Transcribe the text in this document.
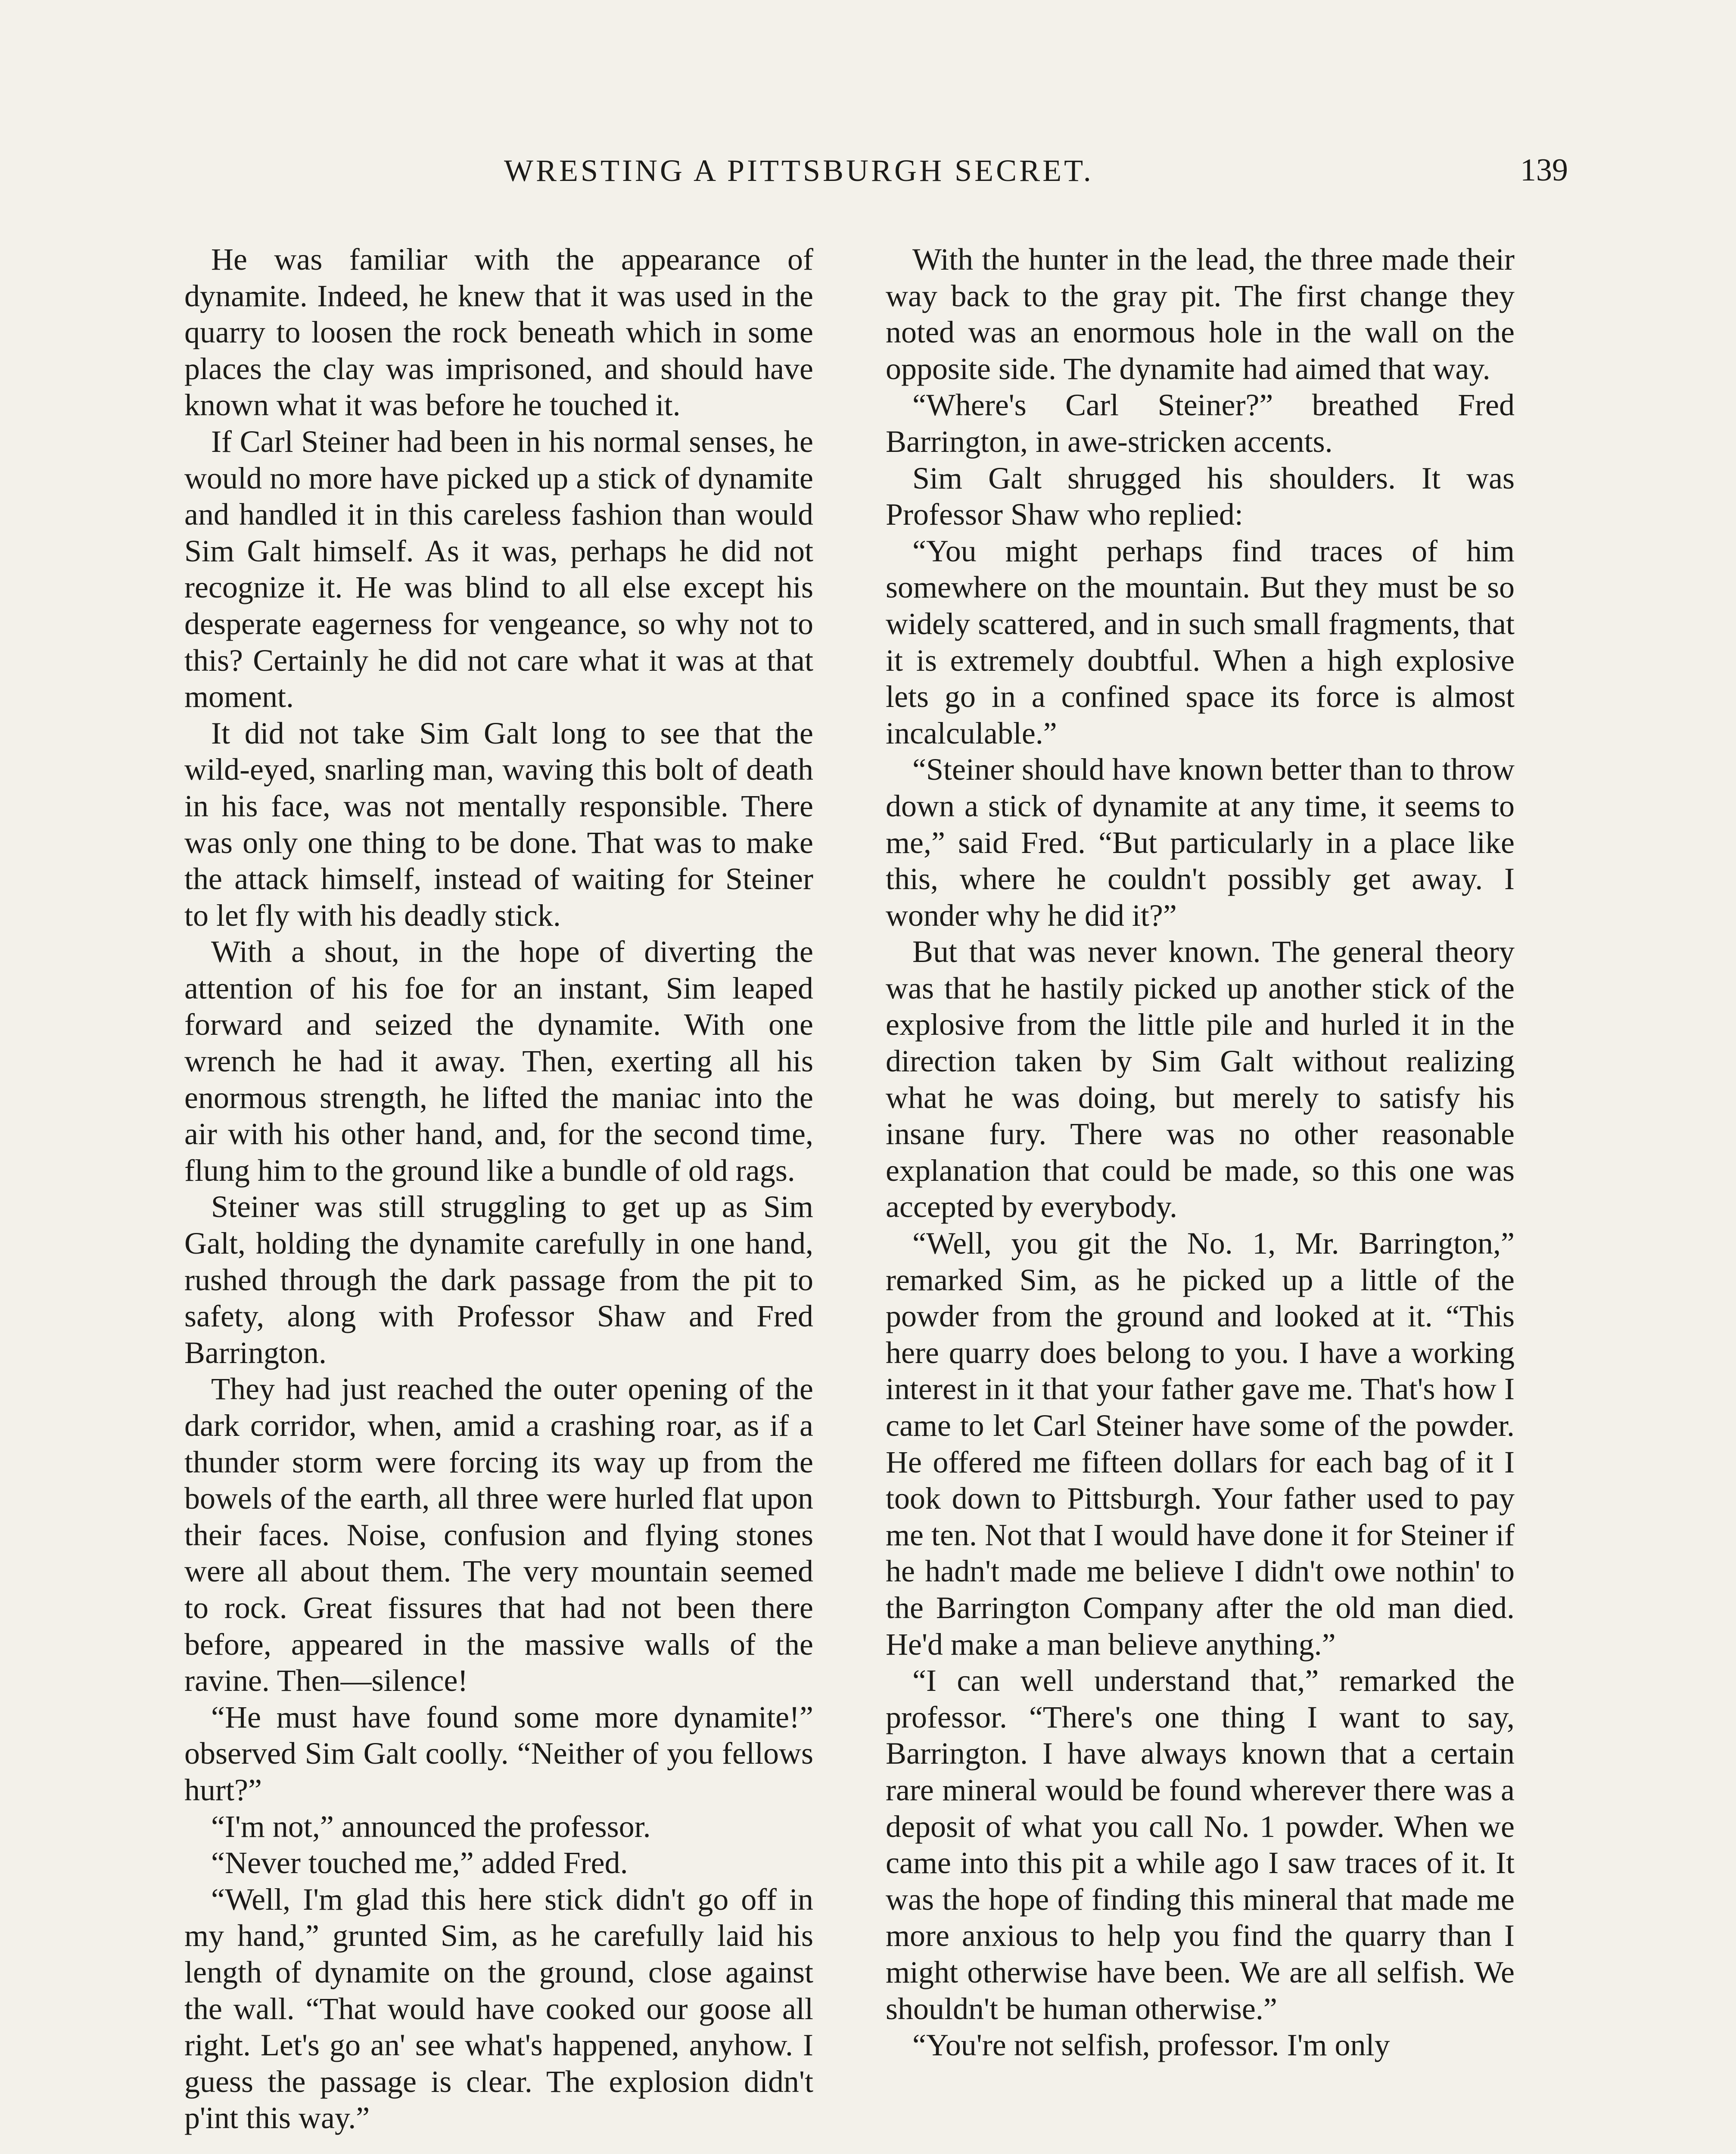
WRESTING A PITTSBURGH SECRET.	139

He was familiar with the appearance of dynamite. Indeed, he knew that it was used in the quarry to loosen the rock beneath which in some places the clay was imprisoned, and should have known what it was before he touched it.

If Carl Steiner had been in his normal senses, he would no more have picked up a stick of dynamite and handled it in this careless fashion than would Sim Galt himself. As it was, perhaps he did not recognize it. He was blind to all else except his desperate eagerness for vengeance, so why not to this? Certainly he did not care what it was at that moment.

It did not take Sim Galt long to see that the wild-eyed, snarling man, waving this bolt of death in his face, was not mentally responsible. There was only one thing to be done. That was to make the attack himself, instead of waiting for Steiner to let fly with his deadly stick.

With a shout, in the hope of diverting the attention of his foe for an instant, Sim leaped forward and seized the dynamite. With one wrench he had it away. Then, exerting all his enormous strength, he lifted the maniac into the air with his other hand, and, for the second time, flung him to the ground like a bundle of old rags.

Steiner was still struggling to get up as Sim Galt, holding the dynamite carefully in one hand, rushed through the dark passage from the pit to safety, along with Professor Shaw and Fred Barrington.

They had just reached the outer opening of the dark corridor, when, amid a crashing roar, as if a thunder storm were forcing its way up from the bowels of the earth, all three were hurled flat upon their faces. Noise, confusion and flying stones were all about them. The very mountain seemed to rock. Great fissures that had not been there before, appeared in the massive walls of the ravine. Then—silence!

“He must have found some more dynamite!” observed Sim Galt coolly. “Neither of you fellows hurt?”

“I'm not,” announced the professor.

“Never touched me,” added Fred.

“Well, I'm glad this here stick didn't go off in my hand,” grunted Sim, as he carefully laid his length of dynamite on the ground, close against the wall. “That would have cooked our goose all right. Let's go an' see what's happened, anyhow. I guess the passage is clear. The explosion didn't p'int this way.”

With the hunter in the lead, the three made their way back to the gray pit. The first change they noted was an enormous hole in the wall on the opposite side. The dynamite had aimed that way.

“Where's Carl Steiner?” breathed Fred Barrington, in awe-stricken accents.

Sim Galt shrugged his shoulders. It was Professor Shaw who replied:

“You might perhaps find traces of him somewhere on the mountain. But they must be so widely scattered, and in such small fragments, that it is extremely doubtful. When a high explosive lets go in a confined space its force is almost incalculable.”

“Steiner should have known better than to throw down a stick of dynamite at any time, it seems to me,” said Fred. “But particularly in a place like this, where he couldn't possibly get away. I wonder why he did it?”

But that was never known. The general theory was that he hastily picked up another stick of the explosive from the little pile and hurled it in the direction taken by Sim Galt without realizing what he was doing, but merely to satisfy his insane fury. There was no other reasonable explanation that could be made, so this one was accepted by everybody.

“Well, you git the No. 1, Mr. Barrington,” remarked Sim, as he picked up a little of the powder from the ground and looked at it. “This here quarry does belong to you. I have a working interest in it that your father gave me. That's how I came to let Carl Steiner have some of the powder. He offered me fifteen dollars for each bag of it I took down to Pittsburgh. Your father used to pay me ten. Not that I would have done it for Steiner if he hadn't made me believe I didn't owe nothin' to the Barrington Company after the old man died. He'd make a man believe anything.”

“I can well understand that,” remarked the professor. “There's one thing I want to say, Barrington. I have always known that a certain rare mineral would be found wherever there was a deposit of what you call No. 1 powder. When we came into this pit a while ago I saw traces of it. It was the hope of finding this mineral that made me more anxious to help you find the quarry than I might otherwise have been. We are all selfish. We shouldn't be human otherwise.”

“You're not selfish, professor. I'm only
